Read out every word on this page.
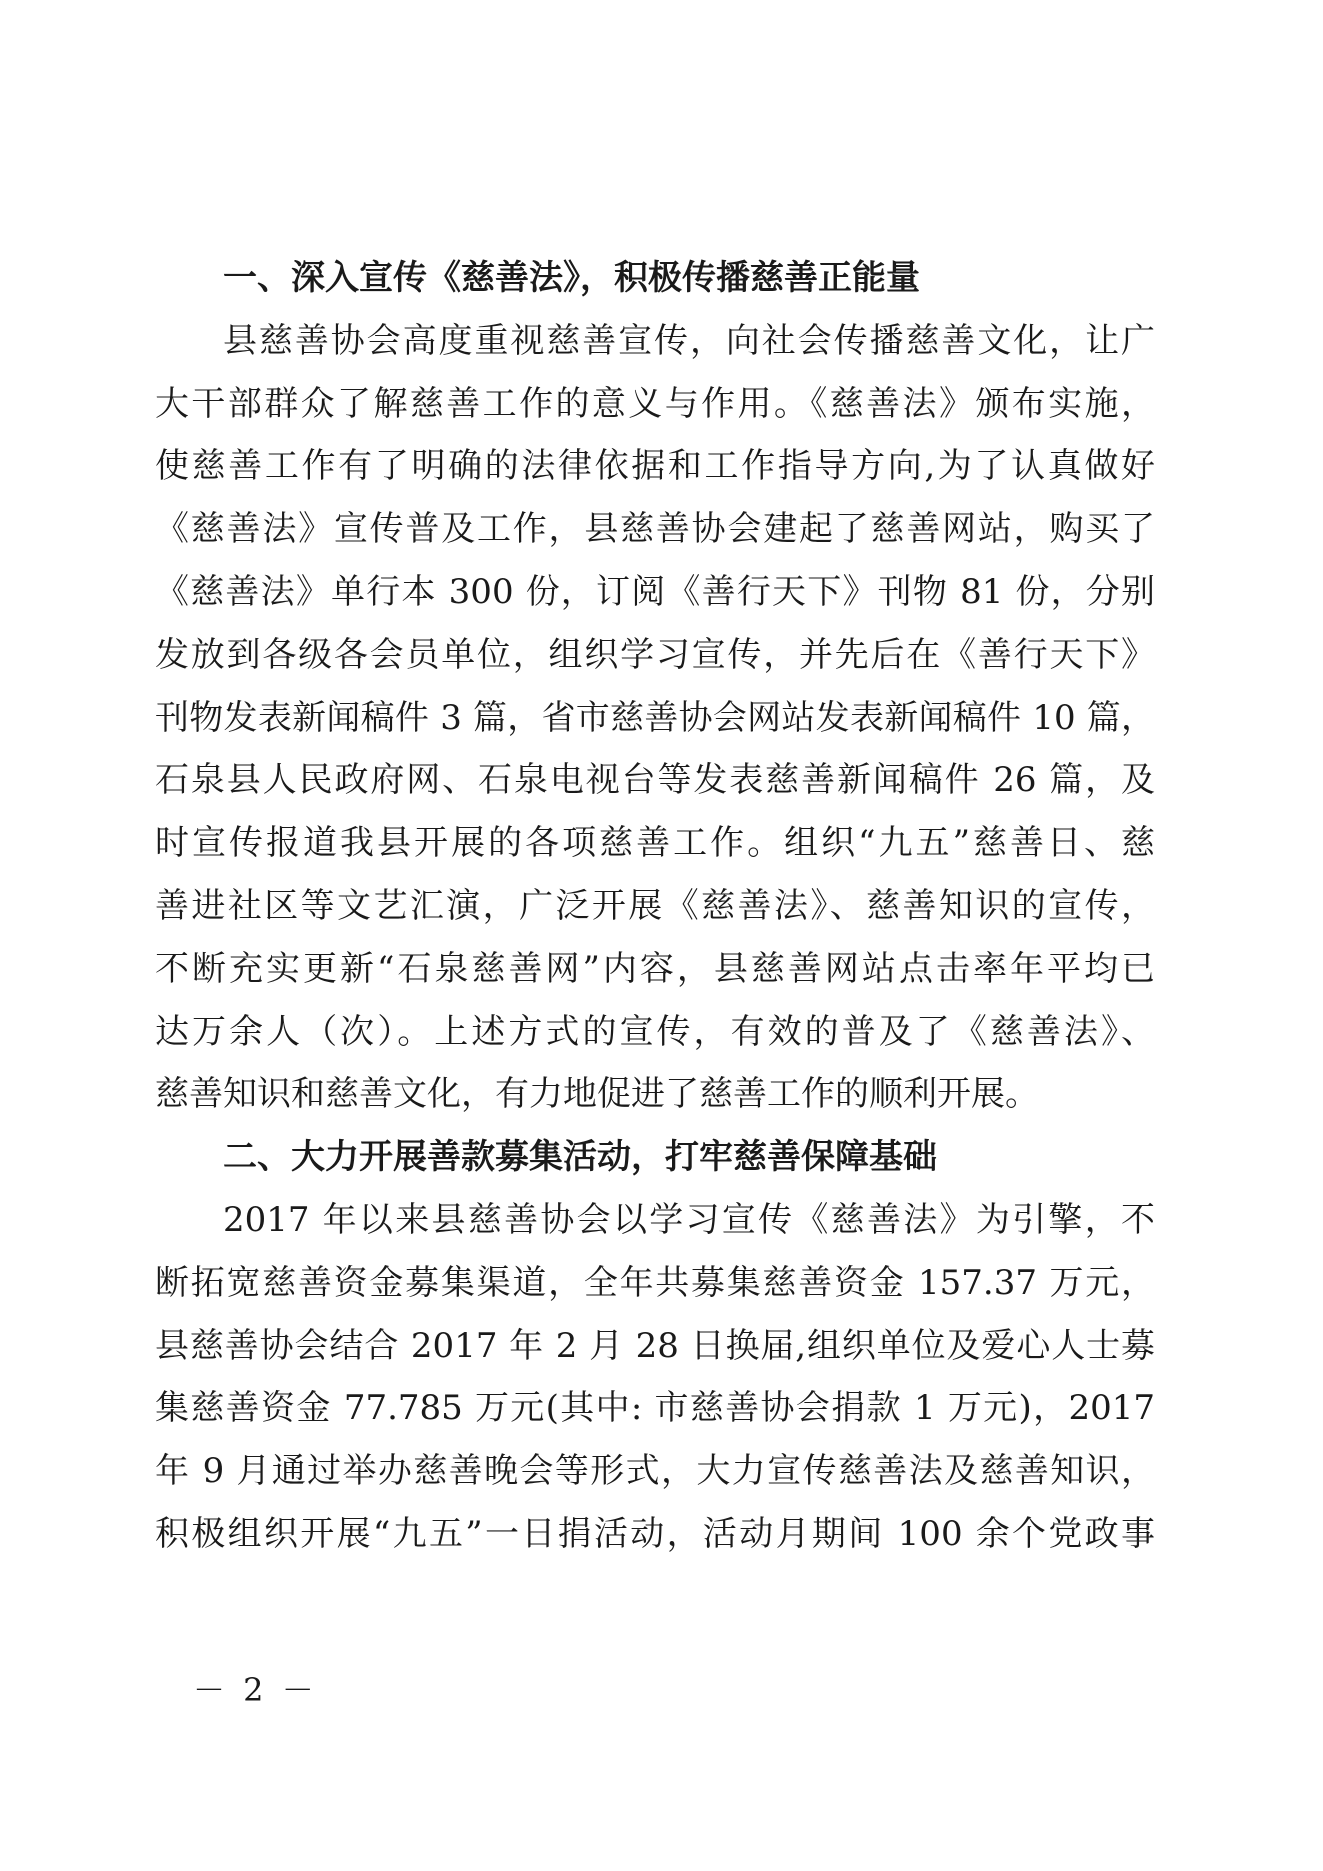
一、深入宣传《慈善法》，积极传播慈善正能量
县慈善协会高度重视慈善宣传，向社会传播慈善文化，让广
大干部群众了解慈善工作的意义与作用。《慈善法》颁布实施，
使慈善工作有了明确的法律依据和工作指导方向,为了认真做好
《慈善法》宣传普及工作，县慈善协会建起了慈善网站，购买了
《慈善法》单行本 300 份，订阅《善行天下》刊物 81 份，分别
发放到各级各会员单位，组织学习宣传，并先后在《善行天下》
刊物发表新闻稿件 3 篇，省市慈善协会网站发表新闻稿件 10 篇，
石泉县人民政府网、石泉电视台等发表慈善新闻稿件 26 篇，及
时宣传报道我县开展的各项慈善工作。组织“九五”慈善日、慈
善进社区等文艺汇演，广泛开展《慈善法》、慈善知识的宣传，
不断充实更新“石泉慈善网”内容，县慈善网站点击率年平均已
达万余人（次）。上述方式的宣传，有效的普及了《慈善法》、
慈善知识和慈善文化，有力地促进了慈善工作的顺利开展。
二、大力开展善款募集活动，打牢慈善保障基础
2017 年以来县慈善协会以学习宣传《慈善法》为引擎，不
断拓宽慈善资金募集渠道，全年共募集慈善资金 157.37 万元，
县慈善协会结合 2017 年 2 月 28 日换届,组织单位及爱心人士募
集慈善资金 77.785 万元(其中: 市慈善协会捐款 1 万元)，2017
年 9 月通过举办慈善晚会等形式，大力宣传慈善法及慈善知识，
积极组织开展“九五”一日捐活动，活动月期间 100 余个党政事
－ 2 －
